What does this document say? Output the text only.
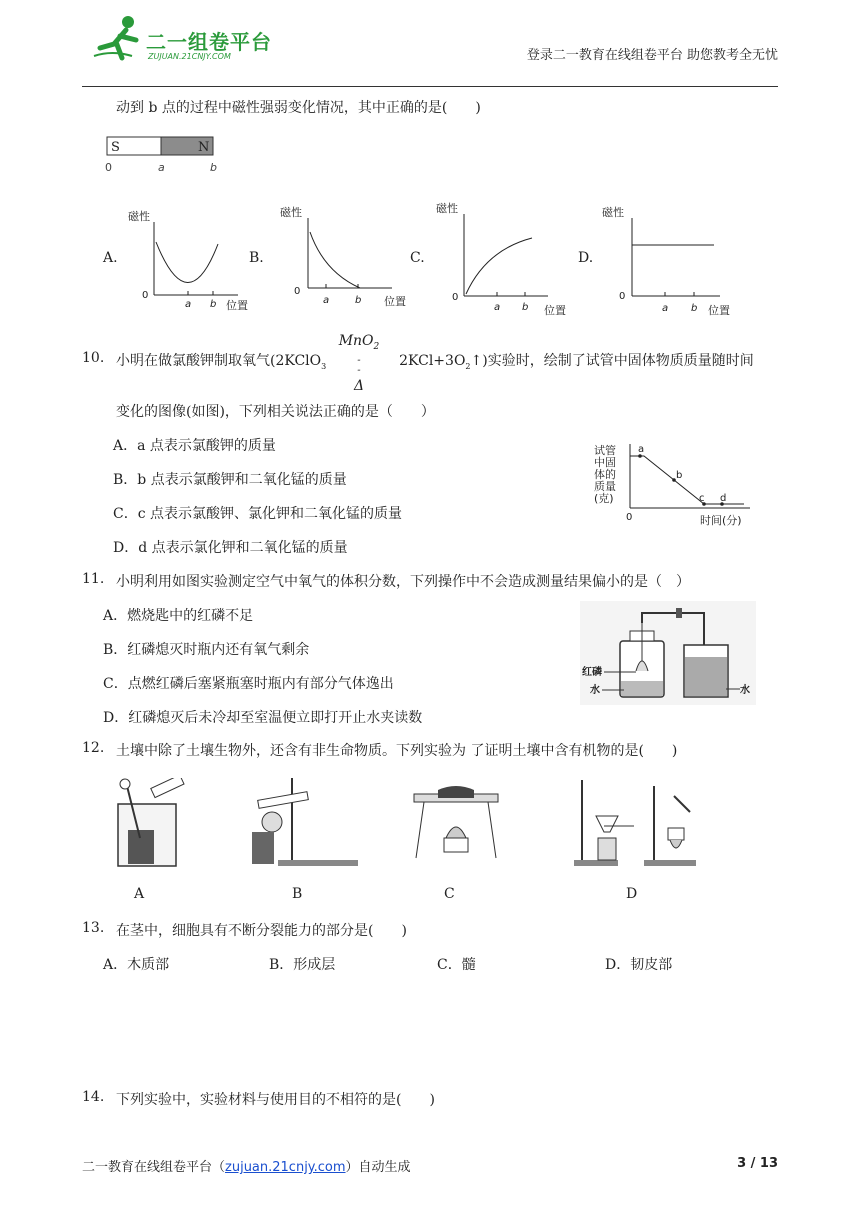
二一组卷平台
ZUJUAN.21CNJY.COM	登录二一教育在线组卷平台 助您教考全无忧
动到 b 点的过程中磁性强弱变化情况，其中正确的是(　　)
S	N
0	a	b
A.	B.	C.	D.
磁性
0
a b 位置
磁性
0
a	b 位置
磁性
0
a b 位置
磁性
0
a b 位置
10. 小明在做氯酸钾制取氧气(2KClO$_3$	$2KCl+3O_2↑$)实验时，绘制了试管中固体物质质量随时间
MnO$_2$
-
-
Δ
变化的图像(如图)，下列相关说法正确的是（　　）
A．a 点表示氯酸钾的质量
B．b 点表示氯酸钾和二氧化锰的质量
C．c 点表示氯酸钾、氯化钾和二氧化锰的质量
D．d 点表示氯化钾和二氧化锰的质量
试管
中固
体的
质量
(克)
a
b
c d
0	时间(分)
11. 小明利用如图实验测定空气中氧气的体积分数，下列操作中不会造成测量结果偏小的是（　）
A．燃烧匙中的红磷不足
B．红磷熄灭时瓶内还有氧气剩余
C．点燃红磷后塞紧瓶塞时瓶内有部分气体逸出
D．红磷熄灭后未冷却至室温便立即打开止水夹读数
红磷
水	水
12. 土壤中除了土壤生物外，还含有非生命物质。下列实验为 了证明土壤中含有机物的是(　　)
A	B	C	D
13. 在茎中，细胞具有不断分裂能力的部分是(　　)
A．木质部	B．形成层	C．髓	D．韧皮部
14. 下列实验中，实验材料与使用目的不相符的是(　　)
二一教育在线组卷平台（zujuan.21cnjy.com）自动生成	3 / 13
